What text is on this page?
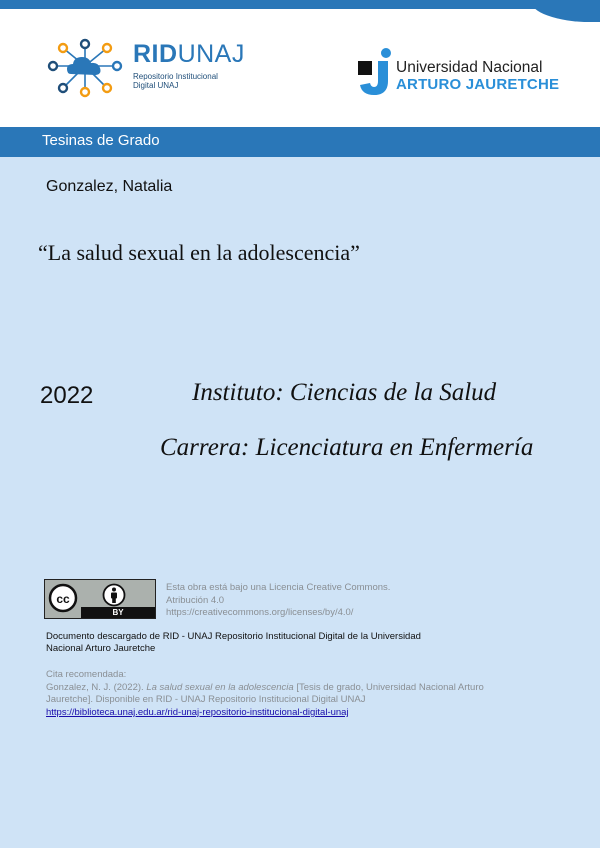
RIDUNAJ
Repositorio Institucional
Digital UNAJ
Universidad Nacional
ARTURO JAURETCHE
Tesinas de Grado
Gonzalez, Natalia
“La salud sexual en la adolescencia”
2022	Instituto: Ciencias de la Salud
Carrera: Licenciatura en Enfermería
cc
BY
Esta obra está bajo una Licencia Creative Commons.
Atribución 4.0
https://creativecommons.org/licenses/by/4.0/
Documento descargado de RID - UNAJ Repositorio Institucional Digital de la Universidad
Nacional Arturo Jauretche
Cita recomendada:
Gonzalez, N. J. (2022). La salud sexual en la adolescencia [Tesis de grado, Universidad Nacional Arturo Jauretche]. Disponible en RID - UNAJ Repositorio Institucional Digital UNAJ
https://biblioteca.unaj.edu.ar/rid-unaj-repositorio-institucional-digital-unaj
